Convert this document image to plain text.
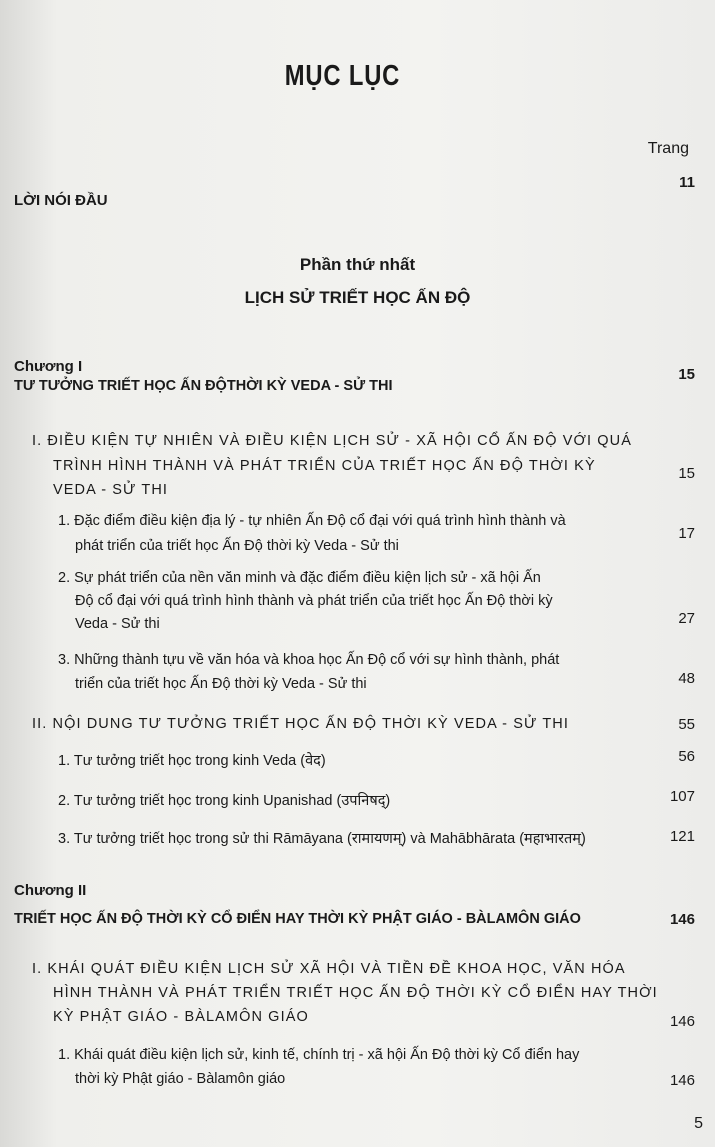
MỤC LỤC
Trang
LỜI NÓI ĐẦU
11
Phần thứ nhất
LỊCH SỬ TRIẾT HỌC ẤN ĐỘ
Chương I
TƯ TƯỞNG TRIẾT HỌC ẤN ĐỘTHỜI KỲ VEDA - SỬ THI
15
I. ĐIỀU KIỆN TỰ NHIÊN VÀ ĐIỀU KIỆN LỊCH SỬ - XÃ HỘI CỔ ẤN ĐỘ VỚI QUÁ
TRÌNH HÌNH THÀNH VÀ PHÁT TRIỂN CỦA TRIẾT HỌC ẤN ĐỘ THỜI KỲ
VEDA - SỬ THI
15
1. Đặc điểm điều kiện địa lý - tự nhiên Ấn Độ cổ đại với quá trình hình thành và
phát triển của triết học Ấn Độ thời kỳ Veda - Sử thi
17
2. Sự phát triển của nền văn minh và đặc điểm điều kiện lịch sử - xã hội Ấn
Độ cổ đại với quá trình hình thành và phát triển của triết học Ấn Độ thời kỳ
Veda - Sử thi	27
3. Những thành tựu về văn hóa và khoa học Ấn Độ cổ với sự hình thành, phát
triển của triết học Ấn Độ thời kỳ Veda - Sử thi	48
II. NỘI DUNG TƯ TƯỞNG TRIẾT HỌC ẤN ĐỘ THỜI KỲ VEDA - SỬ THI	55
1. Tư tưởng triết học trong kinh Veda (वेद)	56
2. Tư tưởng triết học trong kinh Upanishad (उपनिषद्)	107
3. Tư tưởng triết học trong sử thi Rāmāyana (रामायणम्) và Mahābhārata (महाभारतम्)	121
Chương II
TRIẾT HỌC ẤN ĐỘ THỜI KỲ CỔ ĐIỂN HAY THỜI KỲ PHẬT GIÁO - BÀLAMÔN GIÁO	146
I. KHÁI QUÁT ĐIỀU KIỆN LỊCH SỬ XÃ HỘI VÀ TIỀN ĐỀ KHOA HỌC, VĂN HÓA
HÌNH THÀNH VÀ PHÁT TRIỂN TRIẾT HỌC ẤN ĐỘ THỜI KỲ CỔ ĐIỂN HAY THỜI
KỲ PHẬT GIÁO - BÀLAMÔN GIÁO	146
1. Khái quát điều kiện lịch sử, kinh tế, chính trị - xã hội Ấn Độ thời kỳ Cổ điển hay
thời kỳ Phật giáo - Bàlamôn giáo	146
5
